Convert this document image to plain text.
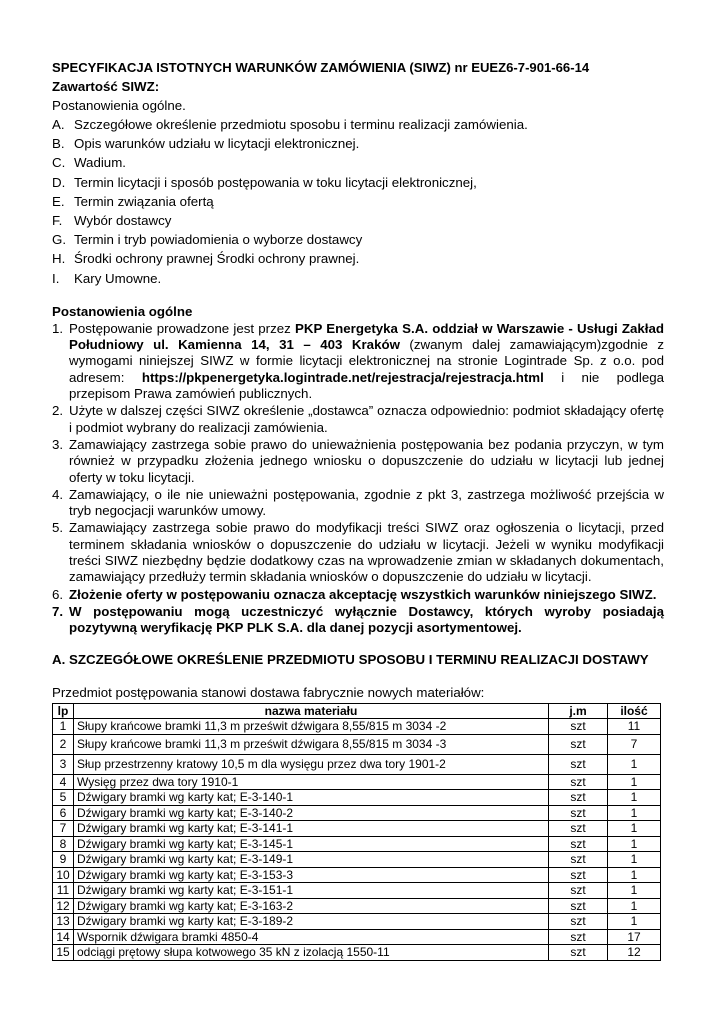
SPECYFIKACJA ISTOTNYCH WARUNKÓW ZAMÓWIENIA (SIWZ) nr EUEZ6-7-901-66-14

Zawartość SIWZ:

Postanowienia ogólne.

A. Szczegółowe określenie przedmiotu sposobu i terminu realizacji zamówienia.
B. Opis warunków udziału w licytacji elektronicznej.
C. Wadium.
D. Termin licytacji i sposób postępowania w toku licytacji elektronicznej,
E. Termin związania ofertą
F. Wybór dostawcy
G. Termin i tryb powiadomienia o wyborze dostawcy
H. Środki ochrony prawnej Środki ochrony prawnej.
I.	Kary Umowne.

Postanowienia ogólne

1. Postępowanie prowadzone jest przez PKP Energetyka S.A. oddział w Warszawie - Usługi Zakład Południowy ul. Kamienna 14, 31 – 403 Kraków (zwanym dalej zamawiającym)zgodnie z wymogami niniejszej SIWZ w formie licytacji elektronicznej na stronie Logintrade Sp. z o.o. pod adresem: https://pkpenergetyka.logintrade.net/rejestracja/rejestracja.html i nie podlega przepisom Prawa zamówień publicznych.
2. Użyte w dalszej części SIWZ określenie „dostawca” oznacza odpowiednio: podmiot składający ofertę i podmiot wybrany do realizacji zamówienia.
3. Zamawiający zastrzega sobie prawo do unieważnienia postępowania bez podania przyczyn, w tym również w przypadku złożenia jednego wniosku o dopuszczenie do udziału w licytacji lub jednej oferty w toku licytacji.
4. Zamawiający, o ile nie unieważni postępowania, zgodnie z pkt 3, zastrzega możliwość przejścia w tryb negocjacji warunków umowy.
5. Zamawiający zastrzega sobie prawo do modyfikacji treści SIWZ oraz ogłoszenia o licytacji, przed terminem składania wniosków o dopuszczenie do udziału w licytacji. Jeżeli w wyniku modyfikacji treści SIWZ niezbędny będzie dodatkowy czas na wprowadzenie zmian w składanych dokumentach, zamawiający przedłuży termin składania wniosków o dopuszczenie do udziału w licytacji.
6. Złożenie oferty w postępowaniu oznacza akceptację wszystkich warunków niniejszego SIWZ.
7. W postępowaniu mogą uczestniczyć wyłącznie Dostawcy, których wyroby posiadają pozytywną weryfikację PKP PLK S.A. dla danej pozycji asortymentowej.

A. SZCZEGÓŁOWE OKREŚLENIE PRZEDMIOTU SPOSOBU I TERMINU REALIZACJI DOSTAWY

Przedmiot postępowania stanowi dostawa fabrycznie nowych materiałów:

lp	nazwa materiału	j.m	ilość
1	Słupy krańcowe bramki 11,3 m prześwit dźwigara 8,55/815 m 3034 -2	szt	11
2	Słupy krańcowe bramki 11,3 m prześwit dźwigara 8,55/815 m 3034 -3	szt	7
3	Słup przestrzenny kratowy 10,5 m dla wysięgu przez dwa tory 1901-2	szt	1
4	Wysięg przez dwa tory 1910-1	szt	1
5	Dźwigary bramki wg karty kat; E-3-140-1	szt	1
6	Dźwigary bramki wg karty kat; E-3-140-2	szt	1
7	Dźwigary bramki wg karty kat; E-3-141-1	szt	1
8	Dźwigary bramki wg karty kat; E-3-145-1	szt	1
9	Dźwigary bramki wg karty kat; E-3-149-1	szt	1
10	Dźwigary bramki wg karty kat; E-3-153-3	szt	1
11	Dźwigary bramki wg karty kat; E-3-151-1	szt	1
12	Dźwigary bramki wg karty kat; E-3-163-2	szt	1
13	Dźwigary bramki wg karty kat; E-3-189-2	szt	1
14	Wspornik dźwigara bramki 4850-4	szt	17
15	odciągi prętowy słupa kotwowego 35 kN z izolacją 1550-11	szt	12
